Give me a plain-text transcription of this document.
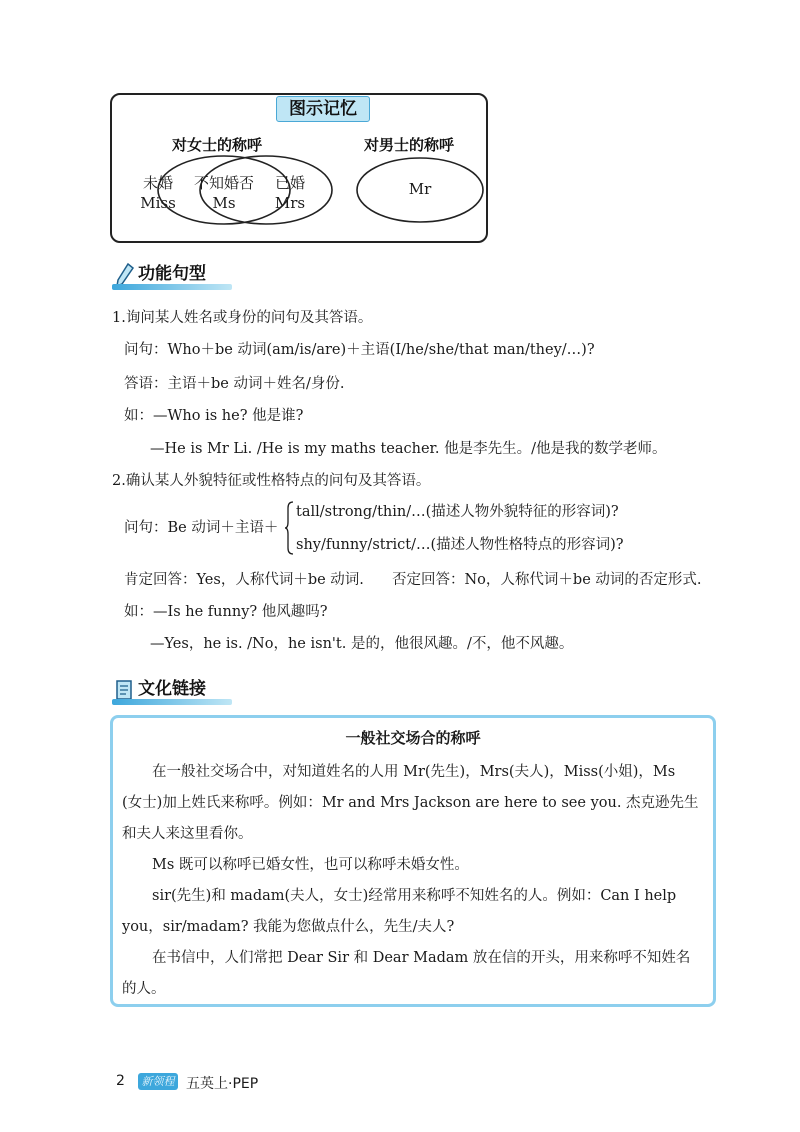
图示记忆
对女士的称呼	对男士的称呼
未婚
Miss
不知婚否
Ms
已婚
Mrs
Mr
功能句型
1.询问某人姓名或身份的问句及其答语。
问句：Who＋be 动词(am/is/are)＋主语(I/he/she/that man/they/…)?
答语：主语＋be 动词＋姓名/身份.
如：—Who is he? 他是谁?
—He is Mr Li. /He is my maths teacher. 他是李先生。/他是我的数学老师。
2.确认某人外貌特征或性格特点的问句及其答语。
问句：Be 动词＋主语＋
tall/strong/thin/…(描述人物外貌特征的形容词)?
shy/funny/strict/…(描述人物性格特点的形容词)?
肯定回答：Yes，人称代词＋be 动词. 否定回答：No，人称代词＋be 动词的否定形式.
如：—Is he funny? 他风趣吗?
—Yes，he is. /No，he isn't. 是的，他很风趣。/不，他不风趣。
文化链接
一般社交场合的称呼
在一般社交场合中，对知道姓名的人用 Mr(先生)，Mrs(夫人)，Miss(小姐)，Ms
(女士)加上姓氏来称呼。例如：Mr and Mrs Jackson are here to see you. 杰克逊先生
和夫人来这里看你。
Ms 既可以称呼已婚女性，也可以称呼未婚女性。
sir(先生)和 madam(夫人，女士)经常用来称呼不知姓名的人。例如：Can I help
you，sir/madam? 我能为您做点什么，先生/夫人?
在书信中，人们常把 Dear Sir 和 Dear Madam 放在信的开头，用来称呼不知姓名
的人。
2	新领程 五英上·PEP
